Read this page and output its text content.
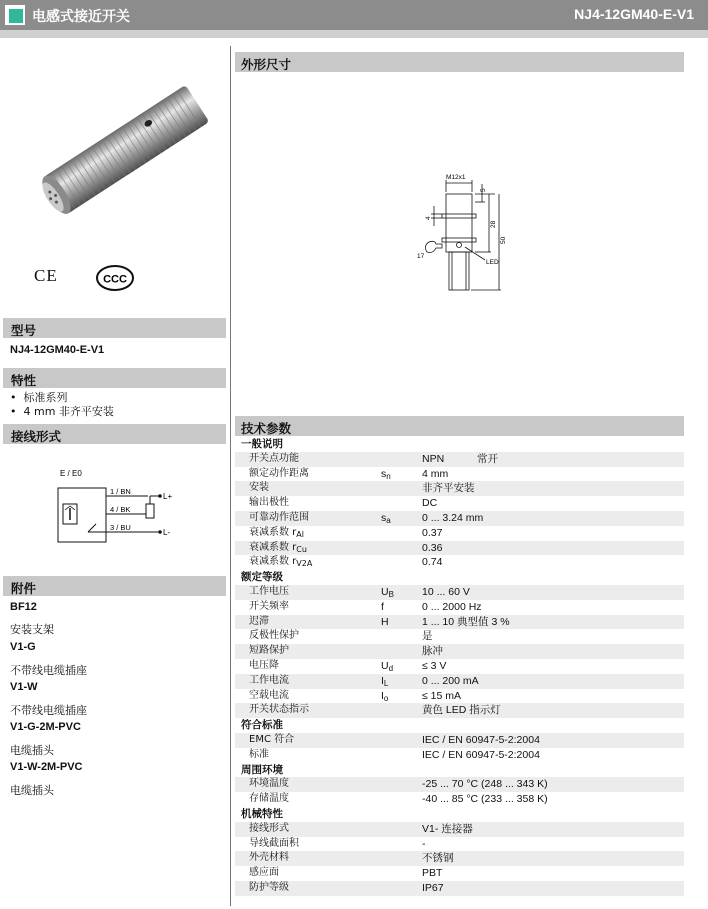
电感式接近开关	NJ4-12GM40-E-V1
CE	CCC
型号
NJ4-12GM40-E-V1
特性
•  标准系列
•  4 mm 非齐平安装
接线形式
E / E0
1 / BN
4 / BK
3 / BU
L+
L-
附件
BF12
安装支架
V1-G
不带线电缆插座
V1-W
不带线电缆插座
V1-G-2M-PVC
电缆插头
V1-W-2M-PVC
电缆插头
外形尺寸
M12x1
5
28
50
4
17
LED
技术参数
一般说明
开关点功能	NPN	常开
额定动作距离	$s_n$	4 mm
安装	非齐平安装
输出极性	DC
可靠动作范围	$s_a$	0 ... 3.24 mm
衰减系数 $r_{Al}$	0.37
衰减系数 $r_{Cu}$	0.36
衰减系数 $r_{V2A}$	0.74
额定等级
工作电压	$U_B$	10 ... 60 V
开关频率	f	0 ... 2000 Hz
迟滞	H	1 ... 10 典型值 3 %
反极性保护	是
短路保护	脉冲
电压降	$U_d$	≤ 3 V
工作电流	$I_L$	0 ... 200 mA
空载电流	$I_o$	≤ 15 mA
开关状态指示	黄色 LED 指示灯
符合标准
EMC 符合	IEC / EN 60947-5-2:2004
标准	IEC / EN 60947-5-2:2004
周围环境
环境温度	-25 ... 70 °C (248 ... 343 K)
存储温度	-40 ... 85 °C (233 ... 358 K)
机械特性
接线形式	V1- 连接器
导线截面积	-
外壳材料	不锈钢
感应面	PBT
防护等级	IP67
